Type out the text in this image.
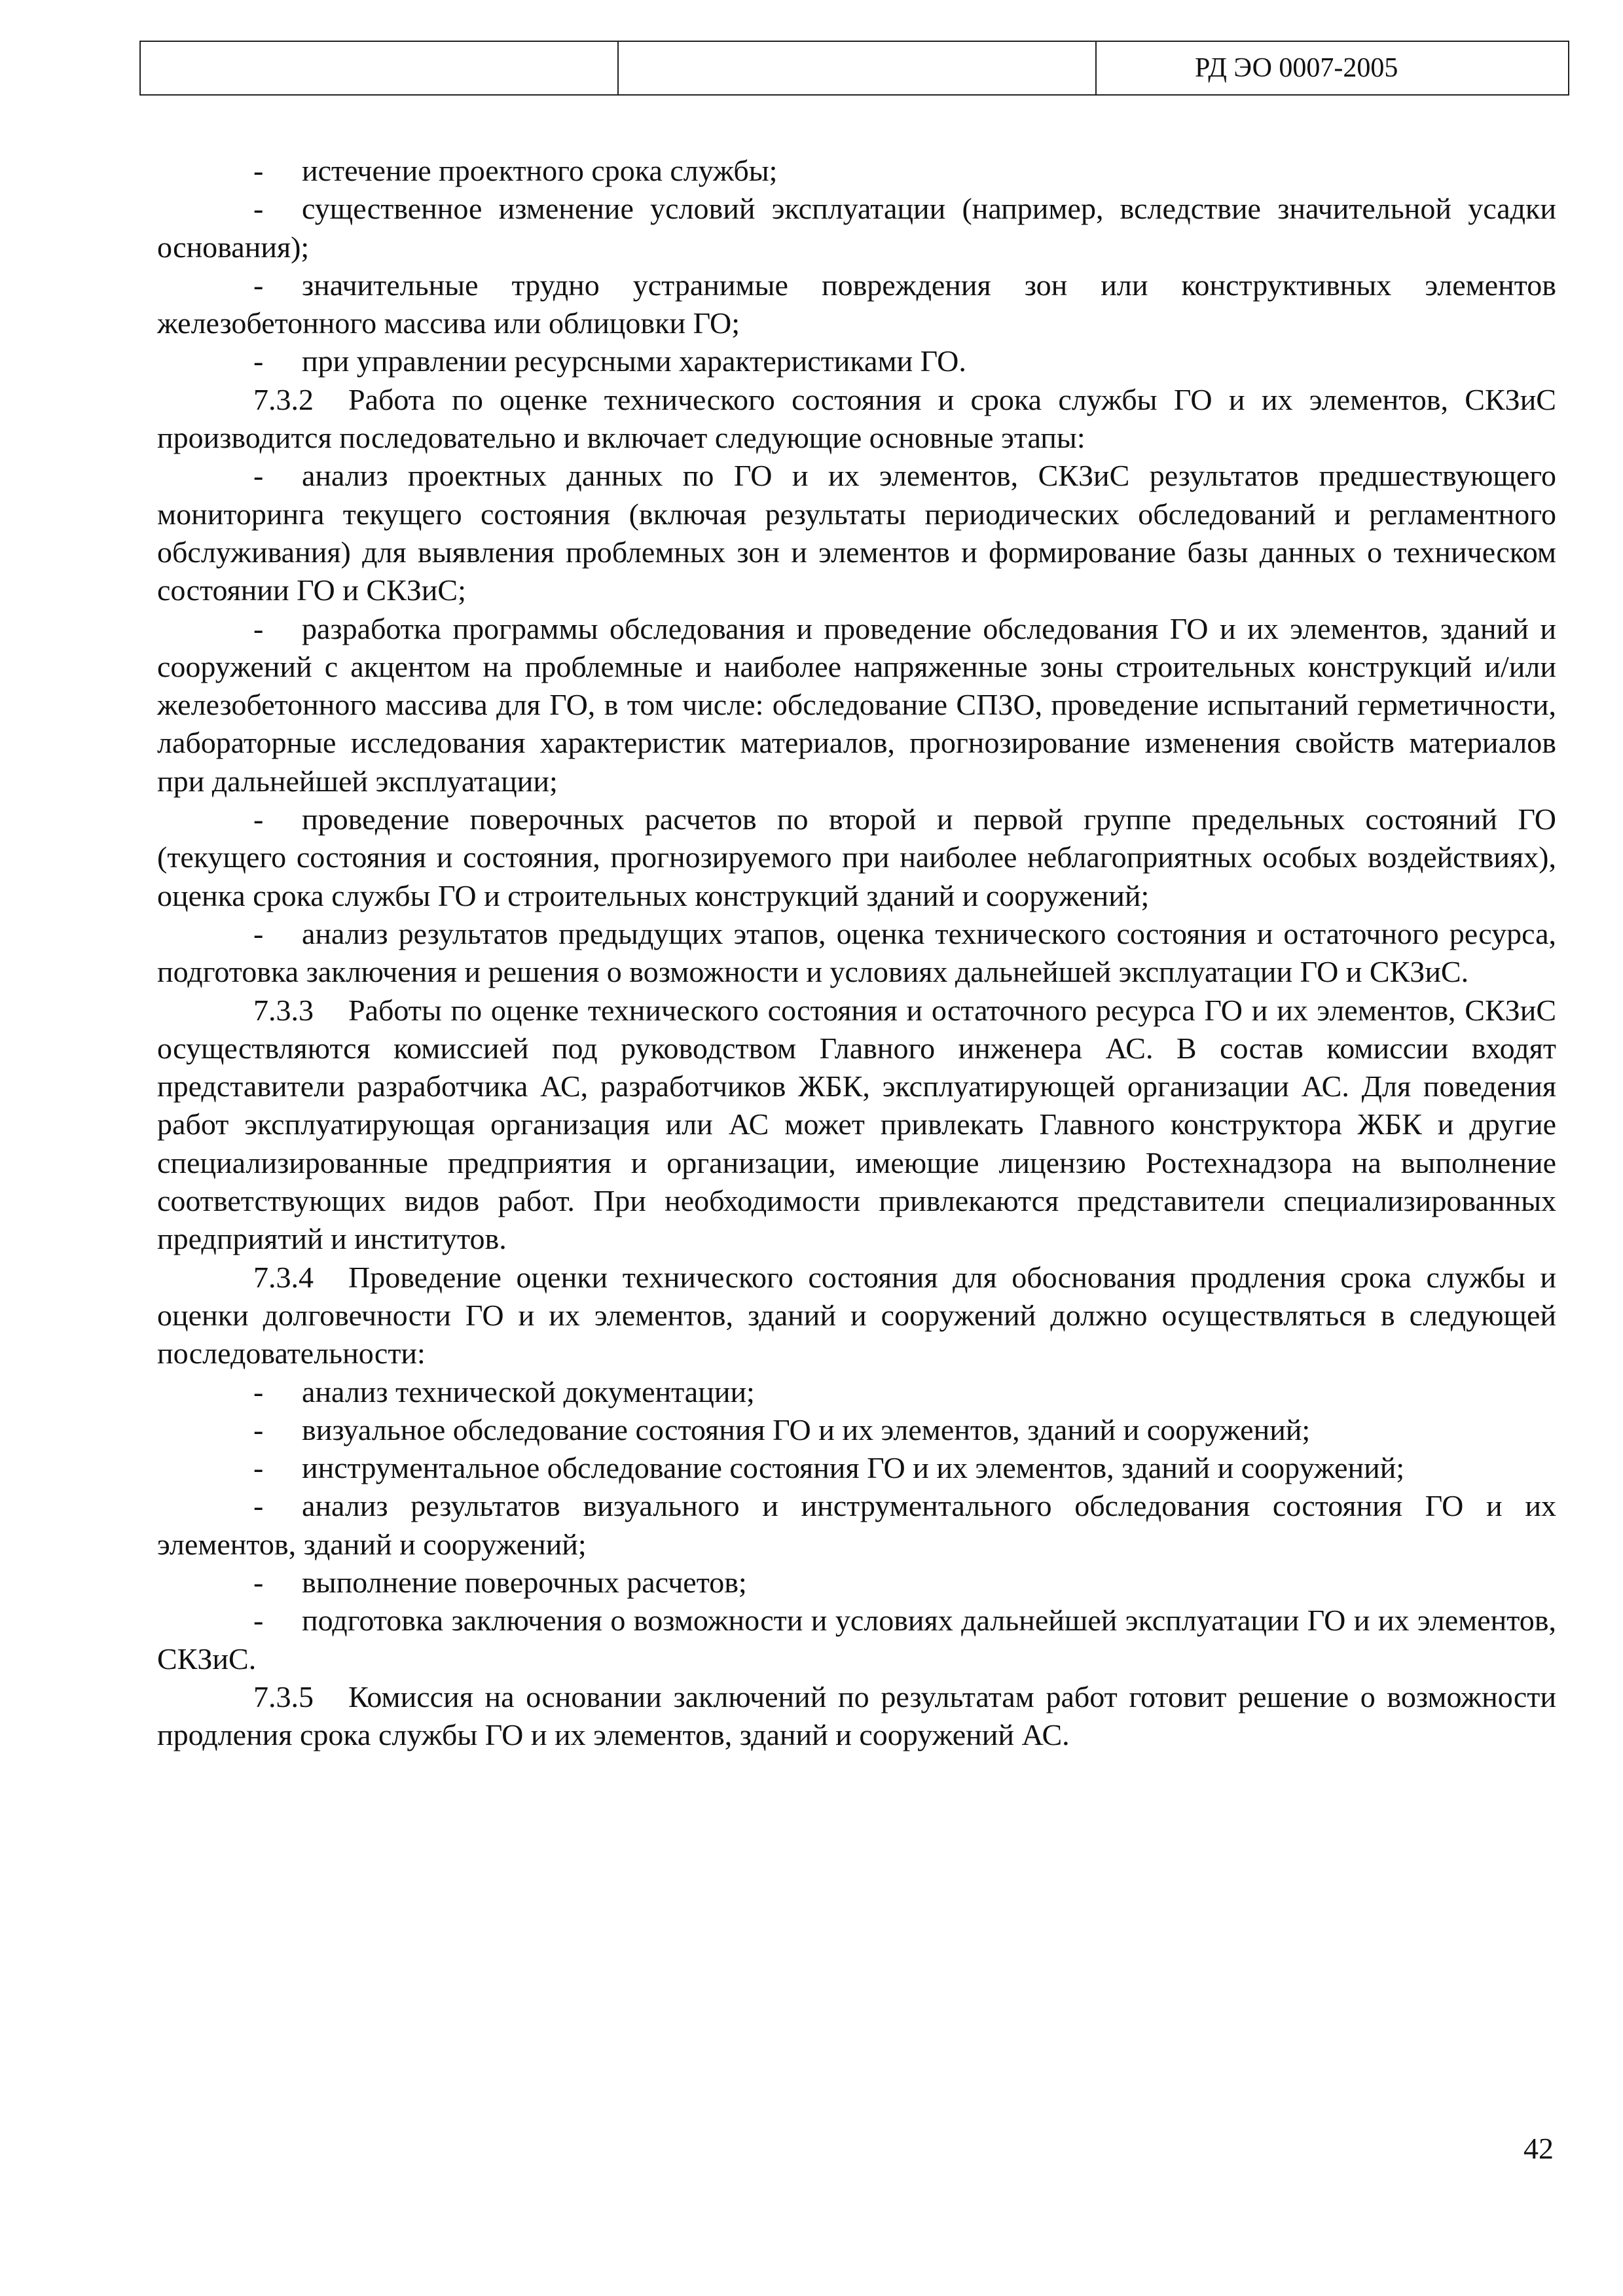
РД ЭО 0007-2005

- истечение проектного срока службы;

- существенное изменение условий эксплуатации (например, вследствие значительной усадки основания);

- значительные трудно устранимые повреждения зон или конструктивных элементов железобетонного массива или облицовки ГО;

- при управлении ресурсными характеристиками ГО.

7.3.2 Работа по оценке технического состояния и срока службы ГО и их элементов, СКЗиС производится последовательно и включает следующие основные этапы:

- анализ проектных данных по ГО и их элементов, СКЗиС результатов предшествующего мониторинга текущего состояния (включая результаты периодических обследований и регламентного обслуживания) для выявления проблемных зон и элементов и формирование базы данных о техническом состоянии ГО и СКЗиС;

- разработка программы обследования и проведение обследования ГО и их элементов, зданий и сооружений с акцентом на проблемные и наиболее напряженные зоны строительных конструкций и/или железобетонного массива для ГО, в том числе: обследование СПЗО, проведение испытаний герметичности, лабораторные исследования характеристик материалов, прогнозирование изменения свойств материалов при дальнейшей эксплуатации;

- проведение поверочных расчетов по второй и первой группе предельных состояний ГО (текущего состояния и состояния, прогнозируемого при наиболее неблагоприятных особых воздействиях), оценка срока службы ГО и строительных конструкций зданий и сооружений;

- анализ результатов предыдущих этапов, оценка технического состояния и остаточного ресурса, подготовка заключения и решения о возможности и условиях дальнейшей эксплуатации ГО и СКЗиС.

7.3.3 Работы по оценке технического состояния и остаточного ресурса ГО и их элементов, СКЗиС осуществляются комиссией под руководством Главного инженера АС. В состав комиссии входят представители разработчика АС, разработчиков ЖБК, эксплуатирующей организации АС. Для поведения работ эксплуатирующая организация или АС может привлекать Главного конструктора ЖБК и другие специализированные предприятия и организации, имеющие лицензию Ростехнадзора на выполнение соответствующих видов работ. При необходимости привлекаются представители специализированных предприятий и институтов.

7.3.4 Проведение оценки технического состояния для обоснования продления срока службы и оценки долговечности ГО и их элементов, зданий и сооружений должно осуществляться в следующей последовательности:

- анализ технической документации;

- визуальное обследование состояния ГО и их элементов, зданий и сооружений;

- инструментальное обследование состояния ГО и их элементов, зданий и сооружений;

- анализ результатов визуального и инструментального обследования состояния ГО и их элементов, зданий и сооружений;

- выполнение поверочных расчетов;

- подготовка заключения о возможности и условиях дальнейшей эксплуатации ГО и их элементов, СКЗиС.

7.3.5 Комиссия на основании заключений по результатам работ готовит решение о возможности продления срока службы ГО и их элементов, зданий и сооружений АС.

42
